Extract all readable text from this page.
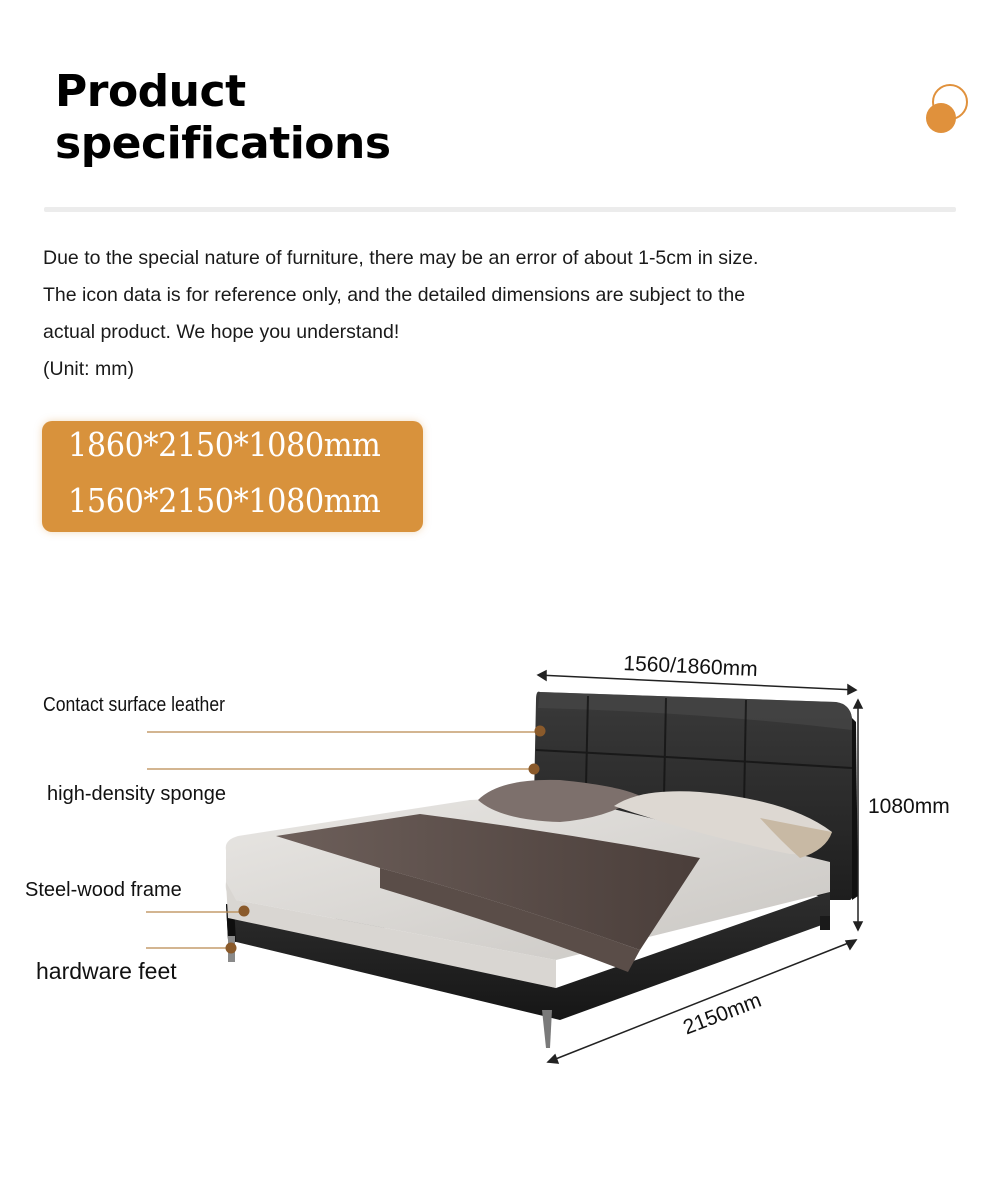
Product
specifications

Due to the special nature of furniture, there may be an error of about 1-5cm in size.

The icon data is for reference only, and the detailed dimensions are subject to the

actual product. We hope you understand!

(Unit: mm)

1860*2150*1080mm
1560*2150*1080mm
Contact surface leather
high-density sponge
Steel-wood frame
hardware feet
1560/1860mm
1080mm
2150mm
